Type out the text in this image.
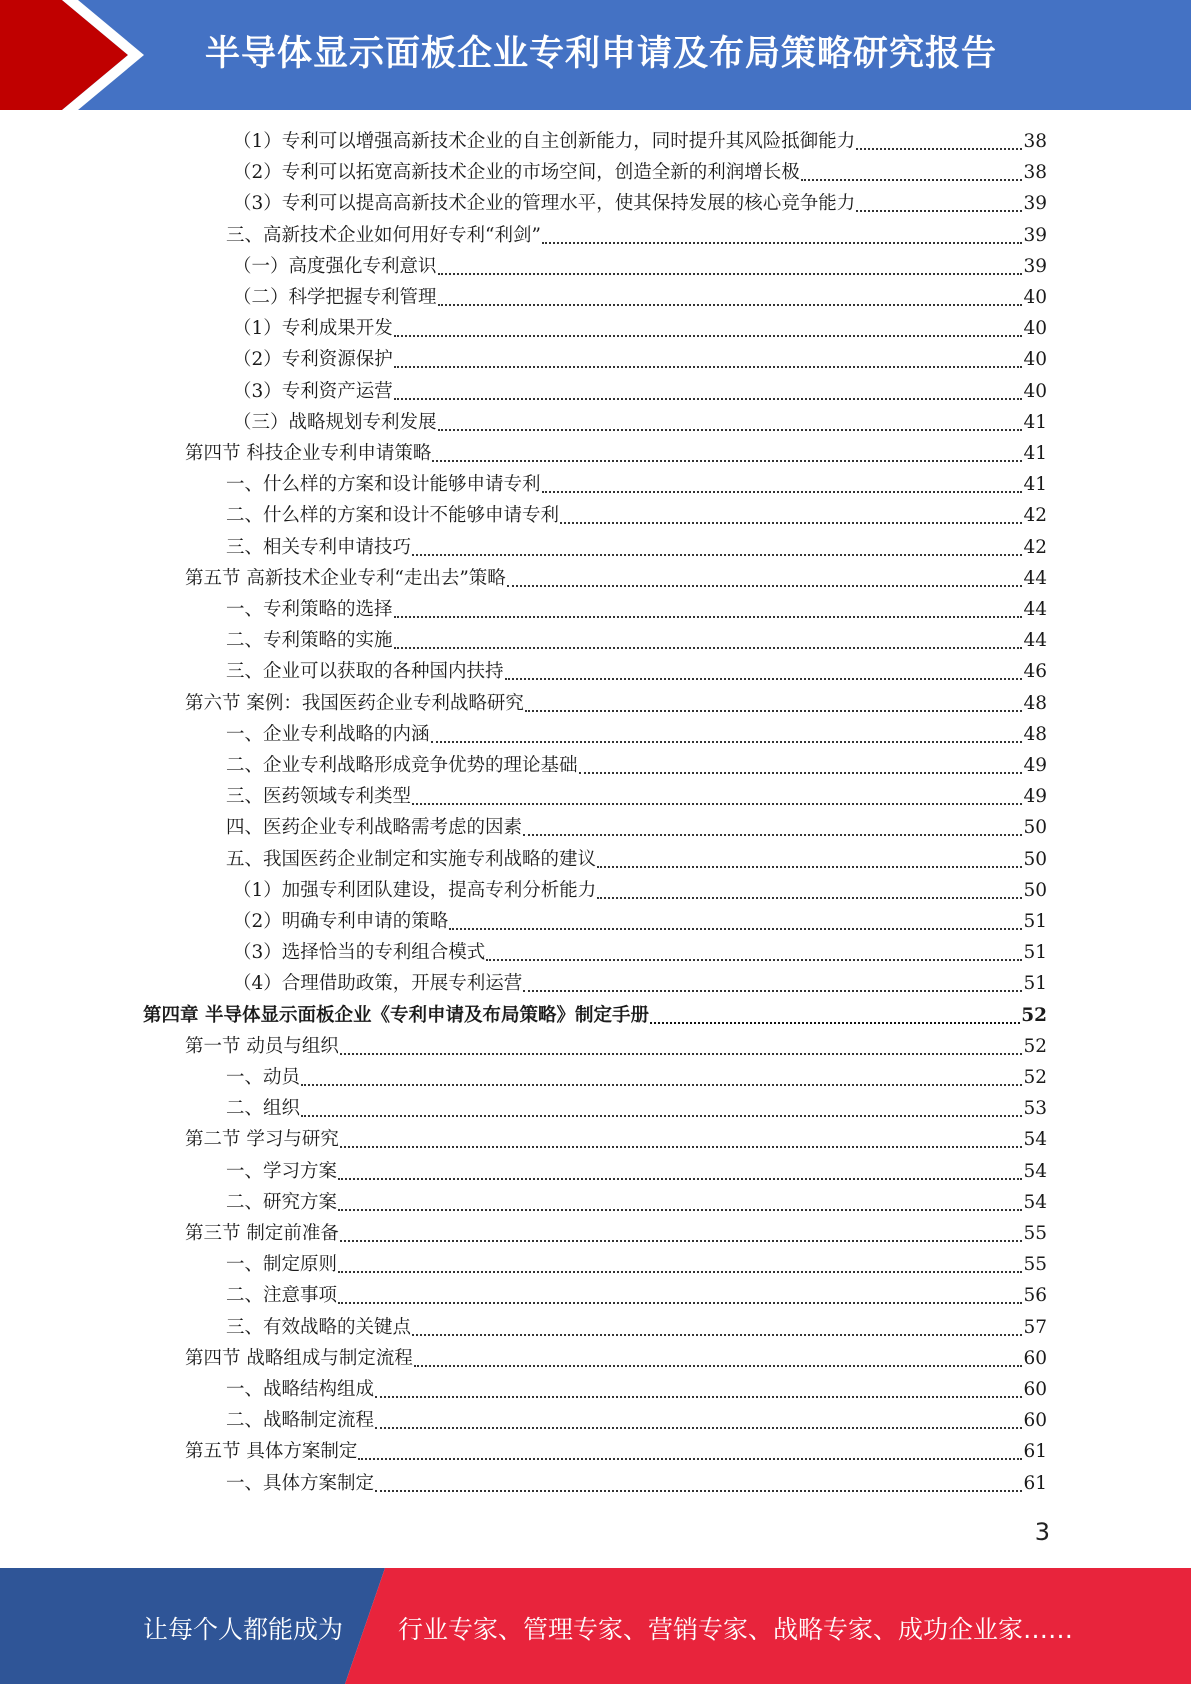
半导体显示面板企业专利申请及布局策略研究报告
（1）专利可以增强高新技术企业的自主创新能力，同时提升其风险抵御能力	38
（2）专利可以拓宽高新技术企业的市场空间，创造全新的利润增长极	38
（3）专利可以提高高新技术企业的管理水平，使其保持发展的核心竞争能力	39
三、高新技术企业如何用好专利“利剑”	39
（一）高度强化专利意识	39
（二）科学把握专利管理	40
（1）专利成果开发	40
（2）专利资源保护	40
（3）专利资产运营	40
（三）战略规划专利发展	41
第四节 科技企业专利申请策略	41
一、什么样的方案和设计能够申请专利	41
二、什么样的方案和设计不能够申请专利	42
三、相关专利申请技巧	42
第五节 高新技术企业专利“走出去”策略	44
一、专利策略的选择	44
二、专利策略的实施	44
三、企业可以获取的各种国内扶持	46
第六节 案例：我国医药企业专利战略研究	48
一、企业专利战略的内涵	48
二、企业专利战略形成竞争优势的理论基础	49
三、医药领域专利类型	49
四、医药企业专利战略需考虑的因素	50
五、我国医药企业制定和实施专利战略的建议	50
（1）加强专利团队建设，提高专利分析能力	50
（2）明确专利申请的策略	51
（3）选择恰当的专利组合模式	51
（4）合理借助政策，开展专利运营	51
第四章 半导体显示面板企业《专利申请及布局策略》制定手册	52
第一节 动员与组织	52
一、动员	52
二、组织	53
第二节 学习与研究	54
一、学习方案	54
二、研究方案	54
第三节 制定前准备	55
一、制定原则	55
二、注意事项	56
三、有效战略的关键点	57
第四节 战略组成与制定流程	60
一、战略结构组成	60
二、战略制定流程	60
第五节 具体方案制定	61
一、具体方案制定	61
3
让每个人都能成为 行业专家、管理专家、营销专家、战略专家、成功企业家……
